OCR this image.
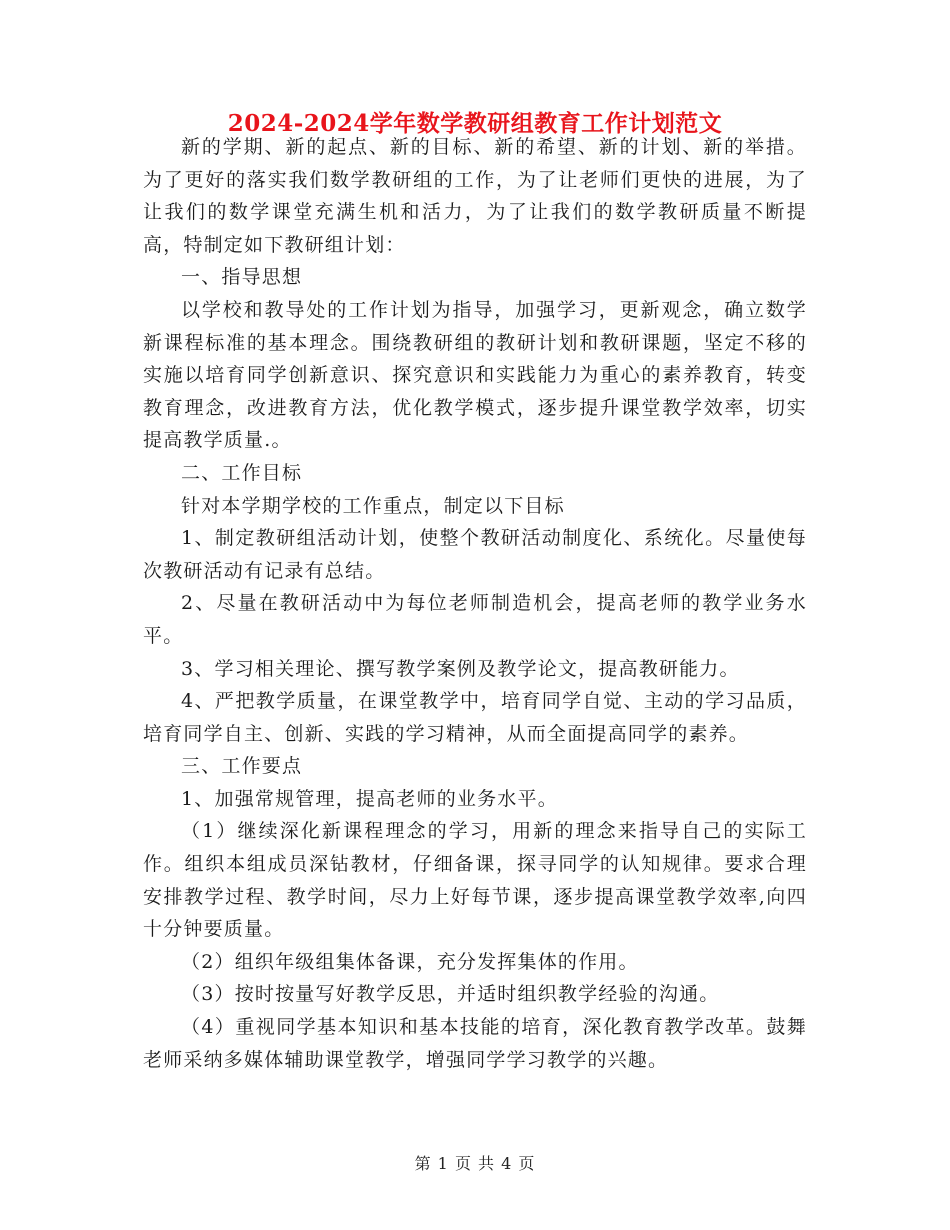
2024-2024学年数学教研组教育工作计划范文

新的学期、新的起点、新的目标、新的希望、新的计划、新的举措。为了更好的落实我们数学教研组的工作，为了让老师们更快的进展，为了让我们的数学课堂充满生机和活力，为了让我们的数学教研质量不断提高，特制定如下教研组计划：

一、指导思想

以学校和教导处的工作计划为指导，加强学习，更新观念，确立数学新课程标准的基本理念。围绕教研组的教研计划和教研课题，坚定不移的实施以培育同学创新意识、探究意识和实践能力为重心的素养教育，转变教育理念，改进教育方法，优化教学模式，逐步提升课堂教学效率，切实提高教学质量.。

二、工作目标

针对本学期学校的工作重点，制定以下目标

1、制定教研组活动计划，使整个教研活动制度化、系统化。尽量使每次教研活动有记录有总结。

2、尽量在教研活动中为每位老师制造机会，提高老师的教学业务水平。

3、学习相关理论、撰写教学案例及教学论文，提高教研能力。

4、严把教学质量，在课堂教学中，培育同学自觉、主动的学习品质，培育同学自主、创新、实践的学习精神，从而全面提高同学的素养。

三、工作要点

1、加强常规管理，提高老师的业务水平。

（1）继续深化新课程理念的学习，用新的理念来指导自己的实际工作。组织本组成员深钻教材，仔细备课，探寻同学的认知规律。要求合理安排教学过程、教学时间，尽力上好每节课，逐步提高课堂教学效率,向四十分钟要质量。

（2）组织年级组集体备课，充分发挥集体的作用。

（3）按时按量写好教学反思，并适时组织教学经验的沟通。

（4）重视同学基本知识和基本技能的培育，深化教育教学改革。鼓舞老师采纳多媒体辅助课堂教学，增强同学学习教学的兴趣。

第 1 页 共 4 页
